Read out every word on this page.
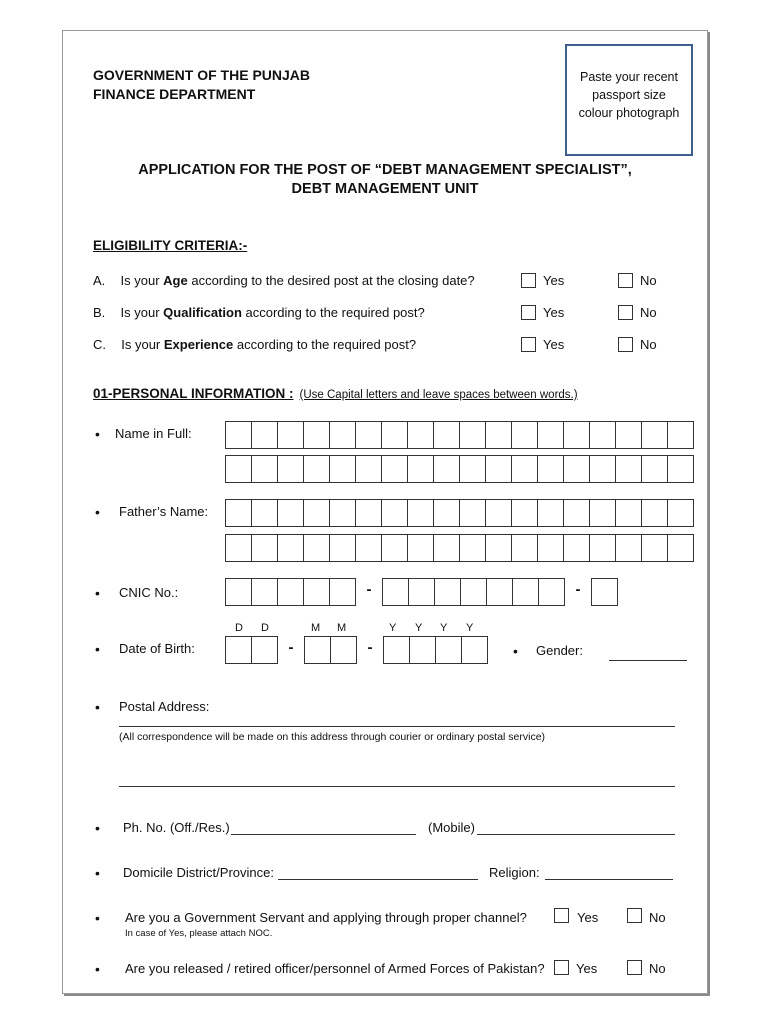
GOVERNMENT OF THE PUNJAB
FINANCE DEPARTMENT
Paste your recent
passport size
colour photograph
APPLICATION FOR THE POST OF “DEBT MANAGEMENT SPECIALIST”,
DEBT MANAGEMENT UNIT
ELIGIBILITY CRITERIA:-
A. Is your Age according to the desired post at the closing date?	Yes	No
B. Is your Qualification according to the required post?	Yes	No
C. Is your Experience according to the required post?	Yes	No
01-PERSONAL INFORMATION : (Use Capital letters and leave spaces between words.)
• Name in Full:
• Father’s Name:
• CNIC No.:	-	-
D D	M M	Y Y Y Y
• Date of Birth:	-	-	• Gender:
• Postal Address:
(All correspondence will be made on this address through courier or ordinary postal service)
• Ph. No. (Off./Res.)	(Mobile)
• Domicile District/Province:	Religion:
• Are you a Government Servant and applying through proper channel?
In case of Yes, please attach NOC.
Yes	No
• Are you released / retired officer/personnel of Armed Forces of Pakistan? Yes	No
